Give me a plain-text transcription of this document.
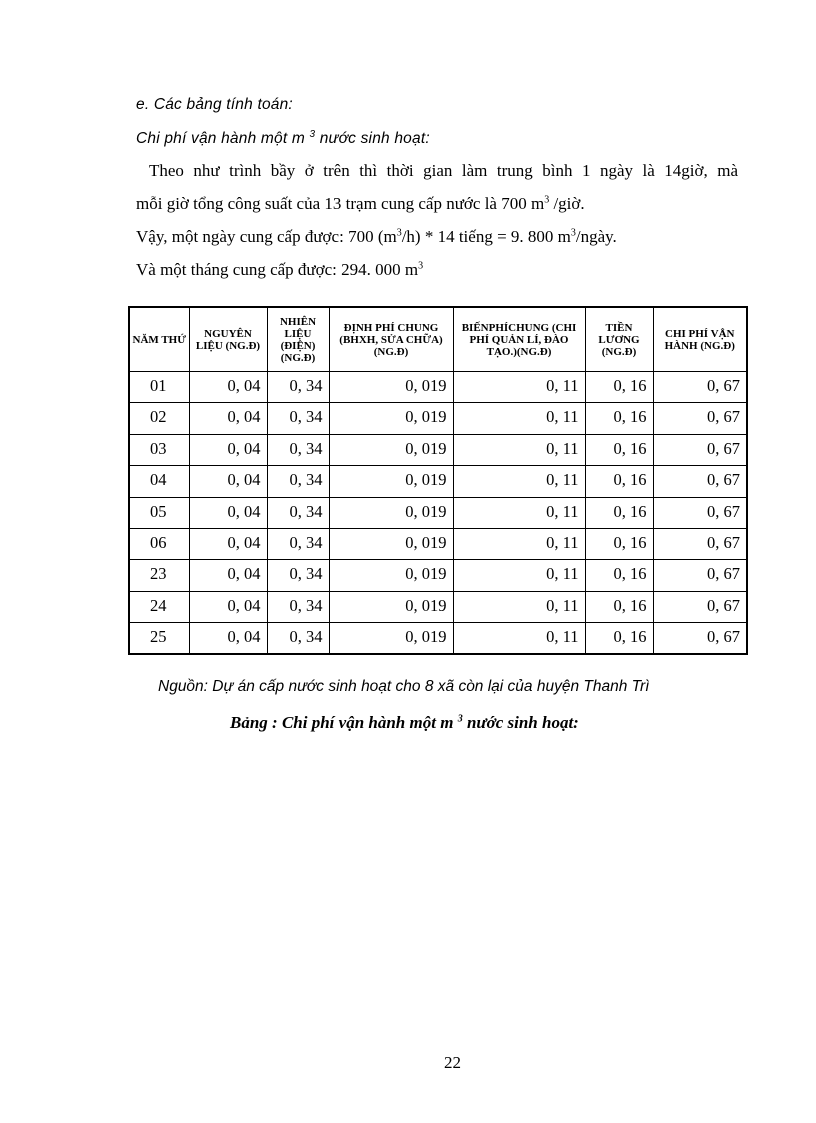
e. Các bảng tính toán:
Chi phí vận hành một m $^3$ nước sinh hoạt:

Theo như trình bầy ở trên thì thời gian làm trung bình 1 ngày là 14giờ, mà

mỗi giờ tổng công suất của 13 trạm cung cấp nước là 700 $m^3$ /giờ.

Vậy, một ngày cung cấp được: 700 $(m^3/h) * 14$ tiếng = 9. 800 $m^3$/ngày.

Và một tháng cung cấp được: 294. 000 $m^3$

NĂM THỨ	NGUYÊN LIỆU (NG.Đ)	NHIÊN LIỆU (ĐIỆN) (NG.Đ)	ĐỊNH PHÍ CHUNG (BHXH, SỬA CHỮA)(NG.Đ)	BIẾNPHÍCHUNG (CHI PHÍ QUẢN LÍ, ĐÀO TẠO.)(NG.Đ)	TIỀN LƯƠNG (NG.Đ)	CHI PHÍ VẬN HÀNH (NG.Đ)
01	0, 04	0, 34	0, 019	0, 11	0, 16	0, 67
02	0, 04	0, 34	0, 019	0, 11	0, 16	0, 67
03	0, 04	0, 34	0, 019	0, 11	0, 16	0, 67
04	0, 04	0, 34	0, 019	0, 11	0, 16	0, 67
05	0, 04	0, 34	0, 019	0, 11	0, 16	0, 67
06	0, 04	0, 34	0, 019	0, 11	0, 16	0, 67
23	0, 04	0, 34	0, 019	0, 11	0, 16	0, 67
24	0, 04	0, 34	0, 019	0, 11	0, 16	0, 67
25	0, 04	0, 34	0, 019	0, 11	0, 16	0, 67
Nguồn: Dự án cấp nước sinh hoạt cho 8 xã còn lại của huyện Thanh Trì
Bảng : Chi phí vận hành một m $^3$ nước sinh hoạt:
22
